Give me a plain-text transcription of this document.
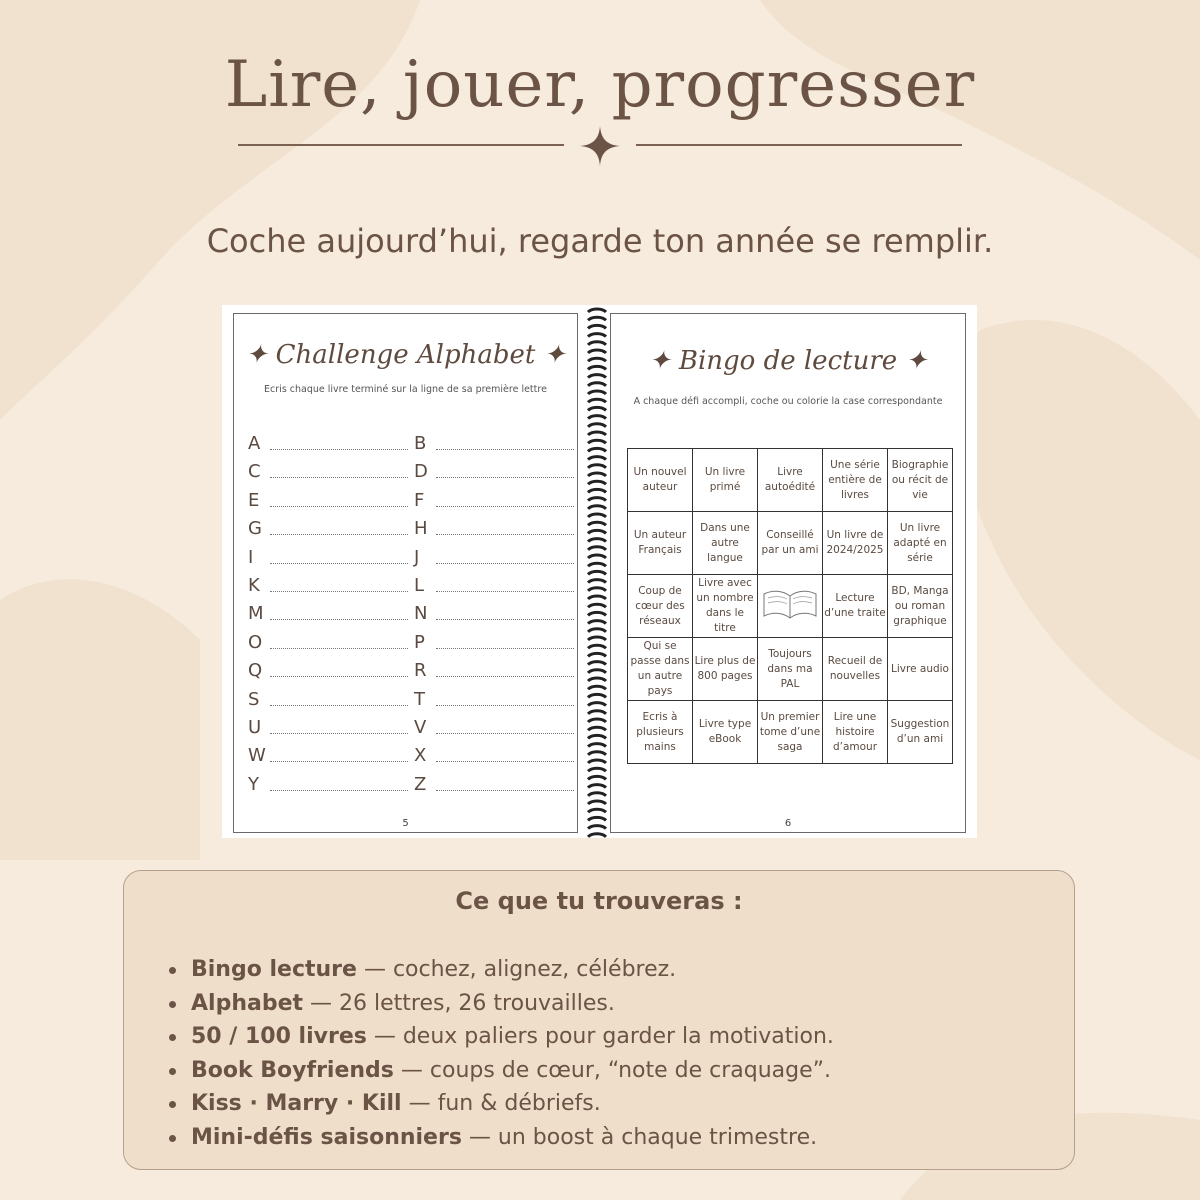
Lire, jouer, progresser
Coche aujourd’hui, regarde ton année se remplir.
✦ Challenge Alphabet ✦
Ecris chaque livre terminé sur la ligne de sa première lettre
A	B
C	D
E	F
G	H
I	J
K	L
M	N
O	P
Q	R
S	T
U	V
W	X
Y	Z
5
✦ Bingo de lecture ✦
A chaque défi accompli, coche ou colorie la case correspondante
Un nouvel auteur	Un livre primé	Livre autoédité	Une série entière de livres	Biographie ou récit de vie
Un auteur Français	Dans une autre langue	Conseillé par un ami	Un livre de 2024/2025	Un livre adapté en série
Coup de cœur des réseaux	Livre avec un nombre dans le titre		Lecture d’une traite	BD, Manga ou roman graphique
Qui se passe dans un autre pays	Lire plus de 800 pages	Toujours dans ma PAL	Recueil de nouvelles	Livre audio
Ecris à plusieurs mains	Livre type eBook	Un premier tome d’une saga	Lire une histoire d’amour	Suggestion d’un ami
6
Ce que tu trouveras :
Bingo lecture — cochez, alignez, célébrez.
Alphabet — 26 lettres, 26 trouvailles.
50 / 100 livres — deux paliers pour garder la motivation.
Book Boyfriends — coups de cœur, “note de craquage”.
Kiss · Marry · Kill — fun & débriefs.
Mini-défis saisonniers — un boost à chaque trimestre.
